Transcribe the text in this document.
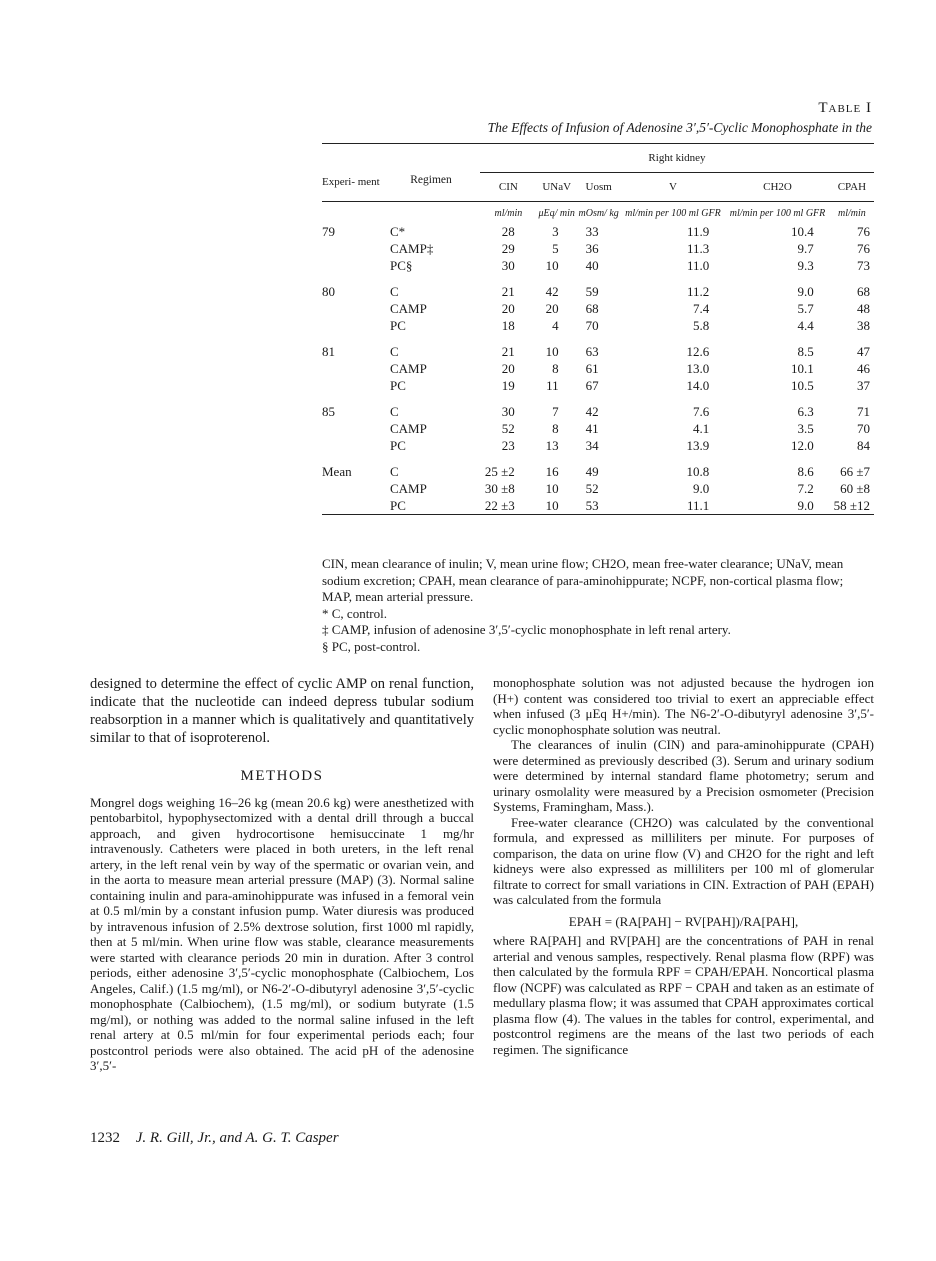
Table I
The Effects of Infusion of Adenosine 3′,5′-Cyclic Monophosphate in the
Experi- ment	Regimen	Right kidney					
		CIN	UNaV	Uosm	V	CH2O	CPAH
		ml/min	μEq/ min	mOsm/ kg	ml/min per 100 ml GFR	ml/min per 100 ml GFR	ml/min

79	C*	28	3	33	11.9	10.4	76
	CAMP‡	29	5	36	11.3	9.7	76
	PC§	30	10	40	11.0	9.3	73

80	C	21	42	59	11.2	9.0	68
	CAMP	20	20	68	7.4	5.7	48
	PC	18	4	70	5.8	4.4	38

81	C	21	10	63	12.6	8.5	47
	CAMP	20	8	61	13.0	10.1	46
	PC	19	11	67	14.0	10.5	37

85	C	30	7	42	7.6	6.3	71
	CAMP	52	8	41	4.1	3.5	70
	PC	23	13	34	13.9	12.0	84

Mean	C	25 ±2	16	49	10.8	8.6	66 ±7
	CAMP	30 ±8	10	52	9.0	7.2	60 ±8
	PC	22 ±3	10	53	11.1	9.0	58 ±12

CIN, mean clearance of inulin; V, mean urine flow; CH2O, mean free-water clearance; UNaV, mean sodium excretion; CPAH, mean clearance of para-aminohippurate; NCPF, non-cortical plasma flow; MAP, mean arterial pressure.

* C, control.

‡ CAMP, infusion of adenosine 3′,5′-cyclic monophosphate in left renal artery.

§ PC, post-control.

designed to determine the effect of cyclic AMP on renal function, indicate that the nucleotide can indeed depress tubular sodium reabsorption in a manner which is qualitatively and quantitatively similar to that of isoproterenol.

METHODS

Mongrel dogs weighing 16–26 kg (mean 20.6 kg) were anesthetized with pentobarbitol, hypophysectomized with a dental drill through a buccal approach, and given hydrocortisone hemisuccinate 1 mg/hr intravenously. Catheters were placed in both ureters, in the left renal artery, in the left renal vein by way of the spermatic or ovarian vein, and in the aorta to measure mean arterial pressure (MAP) (3). Normal saline containing inulin and para-aminohippurate was infused in a femoral vein at 0.5 ml/min by a constant infusion pump. Water diuresis was produced by intravenous infusion of 2.5% dextrose solution, first 1000 ml rapidly, then at 5 ml/min. When urine flow was stable, clearance measurements were started with clearance periods 20 min in duration. After 3 control periods, either adenosine 3′,5′-cyclic monophosphate (Calbiochem, Los Angeles, Calif.) (1.5 mg/ml), or N6-2′-O-dibutyryl adenosine 3′,5′-cyclic monophosphate (Calbiochem), (1.5 mg/ml), or sodium butyrate (1.5 mg/ml), or nothing was added to the normal saline infused in the left renal artery at 0.5 ml/min for four experimental periods each; four postcontrol periods were also obtained. The acid pH of the adenosine 3′,5′-

monophosphate solution was not adjusted because the hydrogen ion (H+) content was considered too trivial to exert an appreciable effect when infused (3 μEq H+/min). The N6-2′-O-dibutyryl adenosine 3′,5′-cyclic monophosphate solution was neutral.

The clearances of inulin (CIN) and para-aminohippurate (CPAH) were determined as previously described (3). Serum and urinary sodium were determined by internal standard flame photometry; serum and urinary osmolality were measured by a Precision osmometer (Precision Systems, Framingham, Mass.).

Free-water clearance (CH2O) was calculated by the conventional formula, and expressed as milliliters per minute. For purposes of comparison, the data on urine flow (V) and CH2O for the right and left kidneys were also expressed as milliliters per 100 ml of glomerular filtrate to correct for small variations in CIN. Extraction of PAH (EPAH) was calculated from the formula

EPAH = (RA[PAH] − RV[PAH])/RA[PAH],

where RA[PAH] and RV[PAH] are the concentrations of PAH in renal arterial and venous samples, respectively. Renal plasma flow (RPF) was then calculated by the formula RPF = CPAH/EPAH. Noncortical plasma flow (NCPF) was calculated as RPF − CPAH and taken as an estimate of medullary plasma flow; it was assumed that CPAH approximates cortical plasma flow (4). The values in the tables for control, experimental, and postcontrol regimens are the means of the last two periods of each regimen. The significance

1232 J. R. Gill, Jr., and A. G. T. Casper
